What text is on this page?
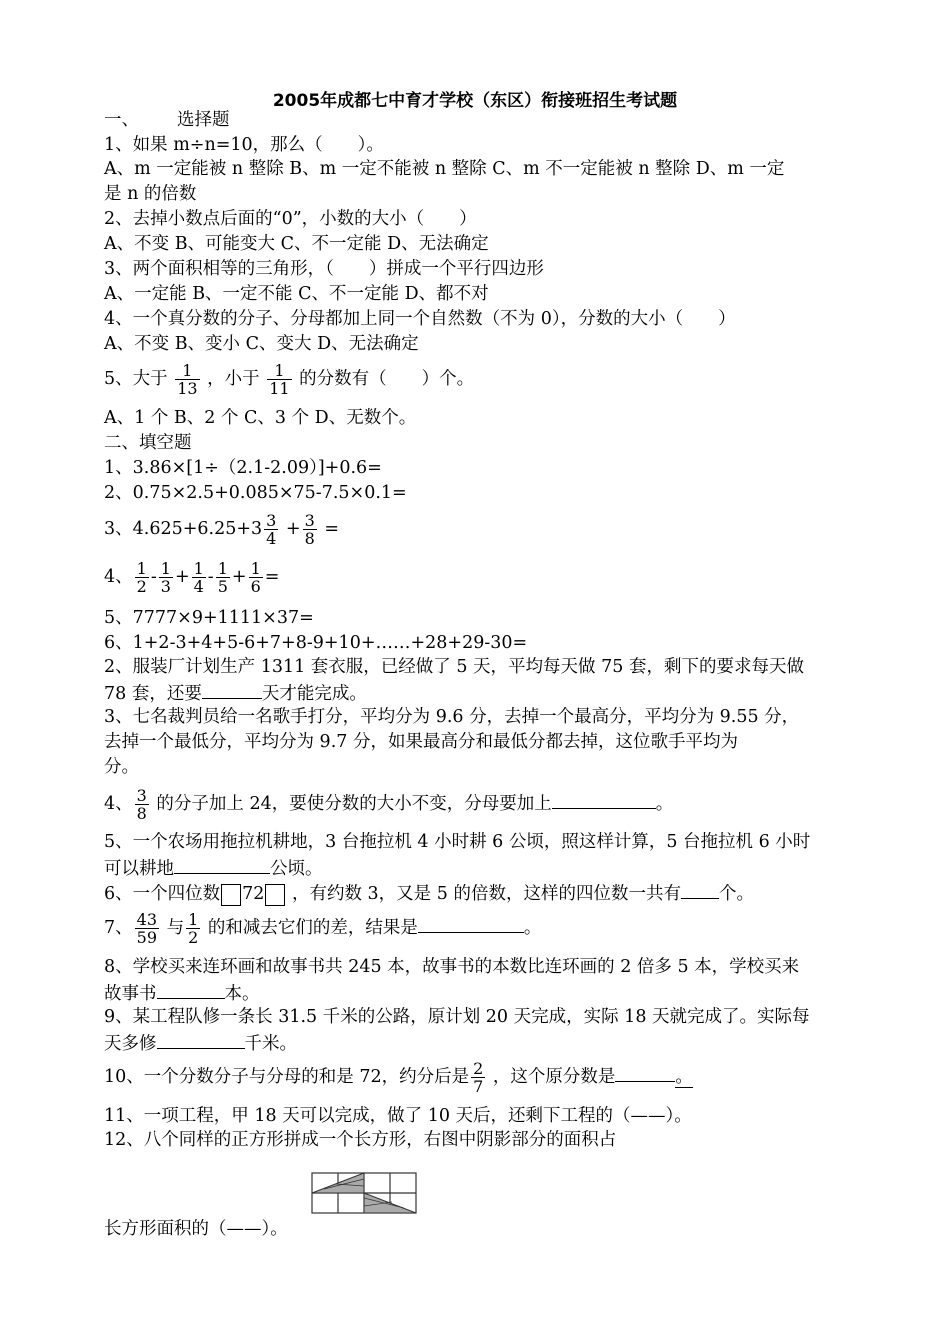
2005年成都七中育才学校（东区）衔接班招生考试题
一、 选择题
1、如果 m÷n=10，那么（　　）。
A、m 一定能被 n 整除 B、m 一定不能被 n 整除 C、m 不一定能被 n 整除 D、m 一定
是 n 的倍数
2、去掉小数点后面的“0”，小数的大小（　　）
A、不变 B、可能变大 C、不一定能 D、无法确定
3、两个面积相等的三角形，（　　）拼成一个平行四边形
A、一定能 B、一定不能 C、不一定能 D、都不对
4、一个真分数的分子、分母都加上同一个自然数（不为 0），分数的大小（　　）
A、不变 B、变小 C、变大 D、无法确定
5、大于 $\frac{1}{13}$ ，小于 $\frac{1}{11}$ 的分数有（　　）个。
A、1 个 B、2 个 C、3 个 D、无数个。
二、填空题
1、3.86×[1÷（2.1-2.09）]+0.6=
2、0.75×2.5+0.085×75-7.5×0.1=
3、$4.625+6.25+3 \frac{3}{4} + \frac{3}{8}$ =
4、 $\frac{1}{2} - \frac{1}{3} + \frac{1}{4} - \frac{1}{5} + \frac{1}{6}$ =
5、7777×9+1111×37=
6、1+2-3+4+5-6+7+8-9+10+……+28+29-30=
2、服装厂计划生产 1311 套衣服，已经做了 5 天，平均每天做 75 套，剩下的要求每天做
78 套，还要	天才能完成。
3、七名裁判员给一名歌手打分，平均分为 9.6 分，去掉一个最高分，平均分为 9.55 分，
去掉一个最低分，平均分为 9.7 分，如果最高分和最低分都去掉，这位歌手平均为
分。
4、 $\frac{3}{8}$ 的分子加上 24，要使分数的大小不变，分母要加上	。
5、一个农场用拖拉机耕地，3 台拖拉机 4 小时耕 6 公顷，照这样计算，5 台拖拉机 6 小时
可以耕地	公顷。
6、一个四位数 72 ，有约数 3，又是 5 的倍数，这样的四位数一共有 个。
7、 $\frac{43}{59}$ 与 $\frac{1}{2}$ 的和减去它们的差，结果是	。
8、学校买来连环画和故事书共 245 本，故事书的本数比连环画的 2 倍多 5 本，学校买来
故事书	本。
9、某工程队修一条长 31.5 千米的公路，原计划 20 天完成，实际 18 天就完成了。实际每
天多修	千米。
10、一个分数分子与分母的和是 72，约分后是 $\frac{2}{7}$ ，这个原分数是	。
11、一项工程，甲 18 天可以完成，做了 10 天后，还剩下工程的（——）。
12、八个同样的正方形拼成一个长方形，右图中阴影部分的面积占
长方形面积的（——）。
